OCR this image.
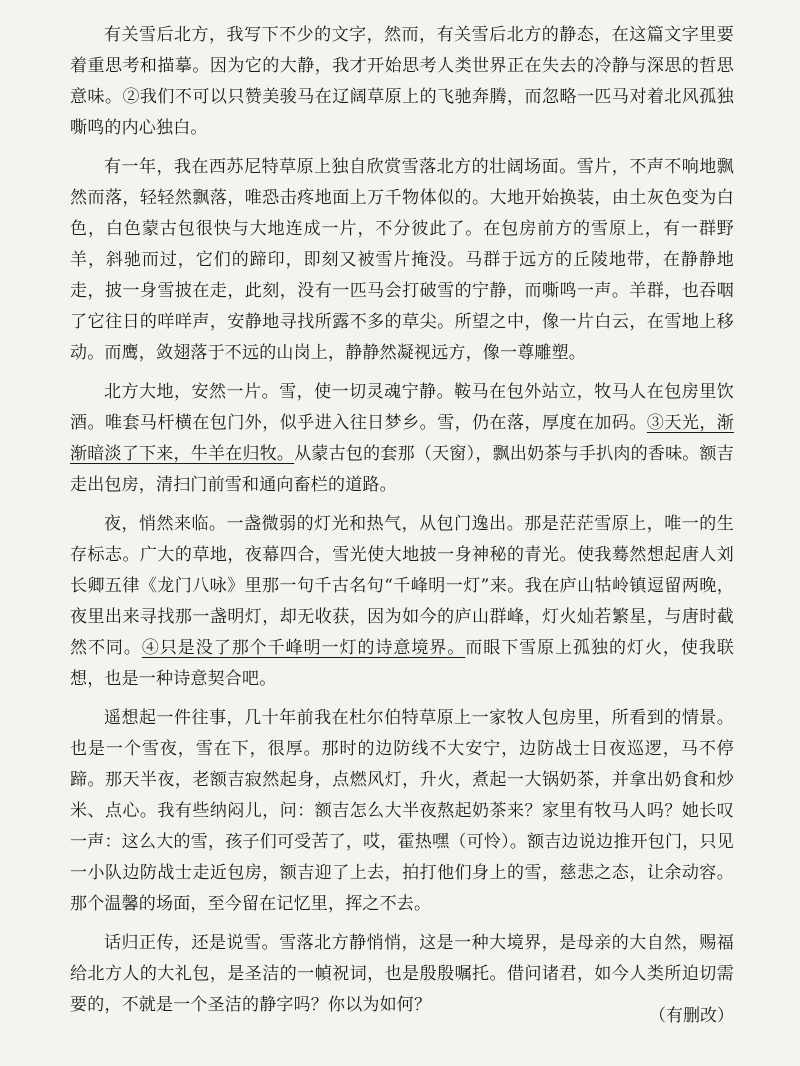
有关雪后北方，我写下不少的文字，然而，有关雪后北方的静态，在这篇文字里要着重思考和描摹。因为它的大静，我才开始思考人类世界正在失去的冷静与深思的哲思意味。②我们不可以只赞美骏马在辽阔草原上的飞驰奔腾，而忽略一匹马对着北风孤独嘶鸣的内心独白。

有一年，我在西苏尼特草原上独自欣赏雪落北方的壮阔场面。雪片，不声不响地飘然而落，轻轻然飘落，唯恐击疼地面上万千物体似的。大地开始换装，由土灰色变为白色，白色蒙古包很快与大地连成一片，不分彼此了。在包房前方的雪原上，有一群野羊，斜驰而过，它们的蹄印，即刻又被雪片掩没。马群于远方的丘陵地带，在静静地走，披一身雪披在走，此刻，没有一匹马会打破雪的宁静，而嘶鸣一声。羊群，也吞咽了它往日的咩咩声，安静地寻找所露不多的草尖。所望之中，像一片白云，在雪地上移动。而鹰，敛翅落于不远的山岗上，静静然凝视远方，像一尊雕塑。

北方大地，安然一片。雪，使一切灵魂宁静。鞍马在包外站立，牧马人在包房里饮酒。唯套马杆横在包门外，似乎进入往日梦乡。雪，仍在落，厚度在加码。③天光，渐渐暗淡了下来，牛羊在归牧。从蒙古包的套那（天窗），飘出奶茶与手扒肉的香味。额吉走出包房，清扫门前雪和通向畜栏的道路。

夜，悄然来临。一盏微弱的灯光和热气，从包门逸出。那是茫茫雪原上，唯一的生存标志。广大的草地，夜幕四合，雪光使大地披一身神秘的青光。使我蓦然想起唐人刘长卿五律《龙门八咏》里那一句千古名句“千峰明一灯”来。我在庐山牯岭镇逗留两晚，夜里出来寻找那一盏明灯，却无收获，因为如今的庐山群峰，灯火灿若繁星，与唐时截然不同。④只是没了那个千峰明一灯的诗意境界。而眼下雪原上孤独的灯火，使我联想，也是一种诗意契合吧。

遥想起一件往事，几十年前我在杜尔伯特草原上一家牧人包房里，所看到的情景。也是一个雪夜，雪在下，很厚。那时的边防线不大安宁，边防战士日夜巡逻，马不停蹄。那天半夜，老额吉寂然起身，点燃风灯，升火，煮起一大锅奶茶，并拿出奶食和炒米、点心。我有些纳闷儿，问：额吉怎么大半夜熬起奶茶来？家里有牧马人吗？她长叹一声：这么大的雪，孩子们可受苦了，哎，霍热嘿（可怜）。额吉边说边推开包门，只见一小队边防战士走近包房，额吉迎了上去，拍打他们身上的雪，慈悲之态，让余动容。那个温馨的场面，至今留在记忆里，挥之不去。

话归正传，还是说雪。雪落北方静悄悄，这是一种大境界，是母亲的大自然，赐福给北方人的大礼包，是圣洁的一幀祝词，也是殷殷嘱托。借问诸君，如今人类所迫切需要的，不就是一个圣洁的静字吗？你以为如何？

（有删改）
